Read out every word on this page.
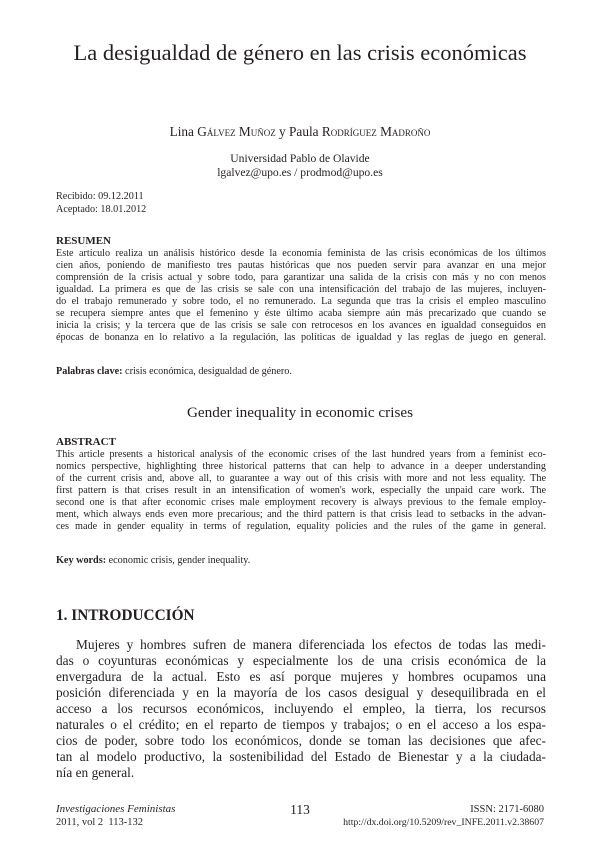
La desigualdad de género en las crisis económicas
Lina Gálvez Muñoz y Paula Rodríguez Madroño
Universidad Pablo de Olavide
lgalvez@upo.es / prodmod@upo.es
Recibido: 09.12.2011
Aceptado: 18.01.2012
RESUMEN
Este artículo realiza un análisis histórico desde la economía feminista de las crisis económicas de los últimos
cien años, poniendo de manifiesto tres pautas históricas que nos pueden servir para avanzar en una mejor
comprensión de la crisis actual y sobre todo, para garantizar una salida de la crisis con más y no con menos
igualdad. La primera es que de las crisis se sale con una intensificación del trabajo de las mujeres, incluyen-
do el trabajo remunerado y sobre todo, el no remunerado. La segunda que tras la crisis el empleo masculino
se recupera siempre antes que el femenino y éste último acaba siempre aún más precarizado que cuando se
inicia la crisis; y la tercera que de las crisis se sale con retrocesos en los avances en igualdad conseguidos en
épocas de bonanza en lo relativo a la regulación, las políticas de igualdad y las reglas de juego en general.
Palabras clave: crisis económica, desigualdad de género.
Gender inequality in economic crises
ABSTRACT
This article presents a historical analysis of the economic crises of the last hundred years from a feminist eco-
nomics perspective, highlighting three historical patterns that can help to advance in a deeper understanding
of the current crisis and, above all, to guarantee a way out of this crisis with more and not less equality. The
first pattern is that crises result in an intensification of women's work, especially the unpaid care work. The
second one is that after economic crises male employment recovery is always previous to the female employ-
ment, which always ends even more precarious; and the third pattern is that crisis lead to setbacks in the advan-
ces made in gender equality in terms of regulation, equality policies and the rules of the game in general.
Key words: economic crisis, gender inequality.
1. INTRODUCCIÓN
Mujeres y hombres sufren de manera diferenciada los efectos de todas las medi-
das o coyunturas económicas y especialmente los de una crisis económica de la
envergadura de la actual. Esto es así porque mujeres y hombres ocupamos una
posición diferenciada y en la mayoría de los casos desigual y desequilibrada en el
acceso a los recursos económicos, incluyendo el empleo, la tierra, los recursos
naturales o el crédito; en el reparto de tiempos y trabajos; o en el acceso a los espa-
cios de poder, sobre todo los económicos, donde se toman las decisiones que afec-
tan al modelo productivo, la sostenibilidad del Estado de Bienestar y a la ciudada-
nía en general.
Investigaciones Feministas
2011, vol 2  113-132
113	ISSN: 2171-6080
http://dx.doi.org/10.5209/rev_INFE.2011.v2.38607
